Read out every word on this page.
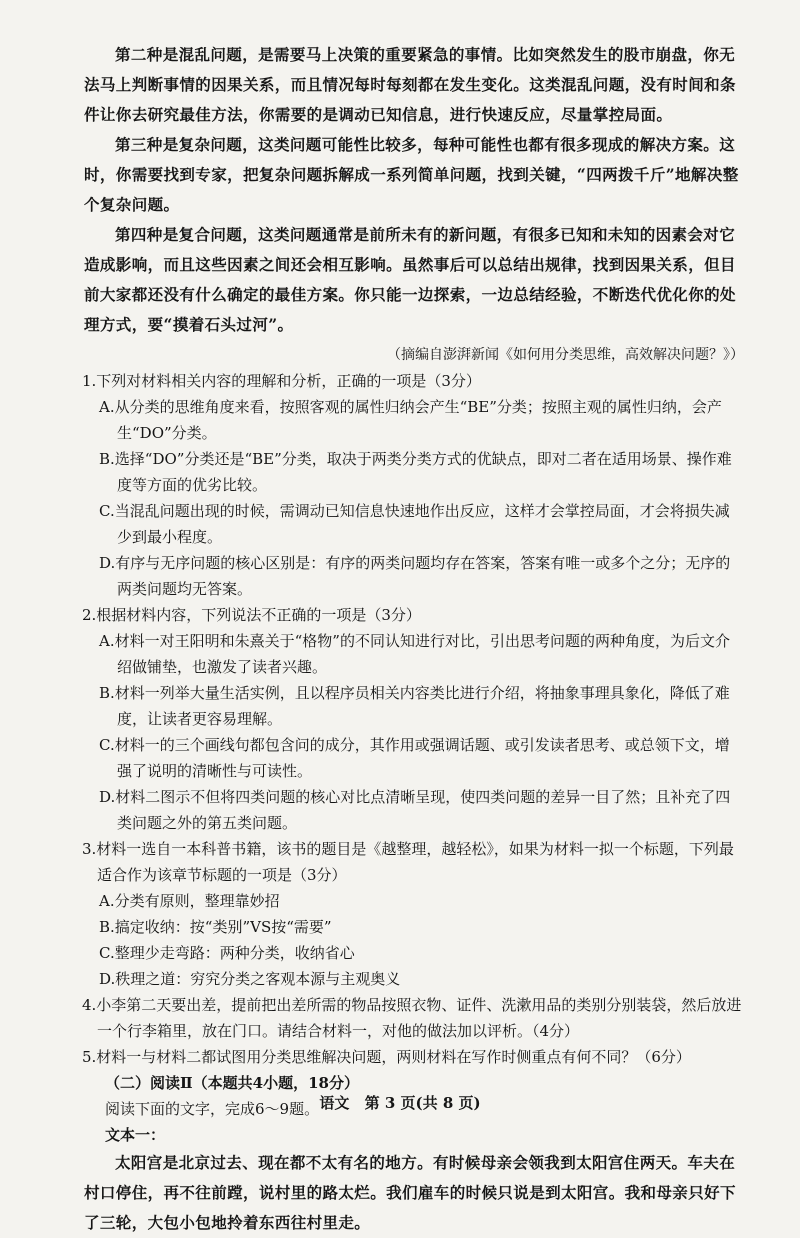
第二种是混乱问题，是需要马上决策的重要紧急的事情。比如突然发生的股市崩盘，你无法马上判断事情的因果关系，而且情况每时每刻都在发生变化。这类混乱问题，没有时间和条件让你去研究最佳方法，你需要的是调动已知信息，进行快速反应，尽量掌控局面。

第三种是复杂问题，这类问题可能性比较多，每种可能性也都有很多现成的解决方案。这时，你需要找到专家，把复杂问题拆解成一系列简单问题，找到关键，“四两拨千斤”地解决整个复杂问题。

第四种是复合问题，这类问题通常是前所未有的新问题，有很多已知和未知的因素会对它造成影响，而且这些因素之间还会相互影响。虽然事后可以总结出规律，找到因果关系，但目前大家都还没有什么确定的最佳方案。你只能一边探索，一边总结经验，不断迭代优化你的处理方式，要“摸着石头过河”。

（摘编自澎湃新闻《如何用分类思维，高效解决问题？》）

1.下列对材料相关内容的理解和分析，正确的一项是（3分）

A.从分类的思维角度来看，按照客观的属性归纳会产生“BE”分类；按照主观的属性归纳，会产生“DO”分类。

B.选择“DO”分类还是“BE”分类，取决于两类分类方式的优缺点，即对二者在适用场景、操作难度等方面的优劣比较。

C.当混乱问题出现的时候，需调动已知信息快速地作出反应，这样才会掌控局面，才会将损失减少到最小程度。

D.有序与无序问题的核心区别是：有序的两类问题均存在答案，答案有唯一或多个之分；无序的两类问题均无答案。

2.根据材料内容，下列说法不正确的一项是（3分）

A.材料一对王阳明和朱熹关于“格物”的不同认知进行对比，引出思考问题的两种角度，为后文介绍做铺垫，也激发了读者兴趣。

B.材料一列举大量生活实例，且以程序员相关内容类比进行介绍，将抽象事理具象化，降低了难度，让读者更容易理解。

C.材料一的三个画线句都包含问的成分，其作用或强调话题、或引发读者思考、或总领下文，增强了说明的清晰性与可读性。

D.材料二图示不但将四类问题的核心对比点清晰呈现，使四类问题的差异一目了然；且补充了四类问题之外的第五类问题。

3.材料一选自一本科普书籍，该书的题目是《越整理，越轻松》，如果为材料一拟一个标题，下列最适合作为该章节标题的一项是（3分）

A.分类有原则，整理靠妙招

B.搞定收纳：按“类别”VS按“需要”

C.整理少走弯路：两种分类，收纳省心

D.秩理之道：穷究分类之客观本源与主观奥义

4.小李第二天要出差，提前把出差所需的物品按照衣物、证件、洗漱用品的类别分别装袋，然后放进一个行李箱里，放在门口。请结合材料一，对他的做法加以评析。（4分）

5.材料一与材料二都试图用分类思维解决问题，两则材料在写作时侧重点有何不同？（6分）

（二）阅读Ⅱ（本题共4小题，18分）

阅读下面的文字，完成6～9题。

文本一：

太阳宫是北京过去、现在都不太有名的地方。有时候母亲会领我到太阳宫住两天。车夫在村口停住，再不往前蹚，说村里的路太烂。我们雇车的时候只说是到太阳宫。我和母亲只好下了三轮，大包小包地拎着东西往村里走。

语文 第 3 页(共 8 页)
